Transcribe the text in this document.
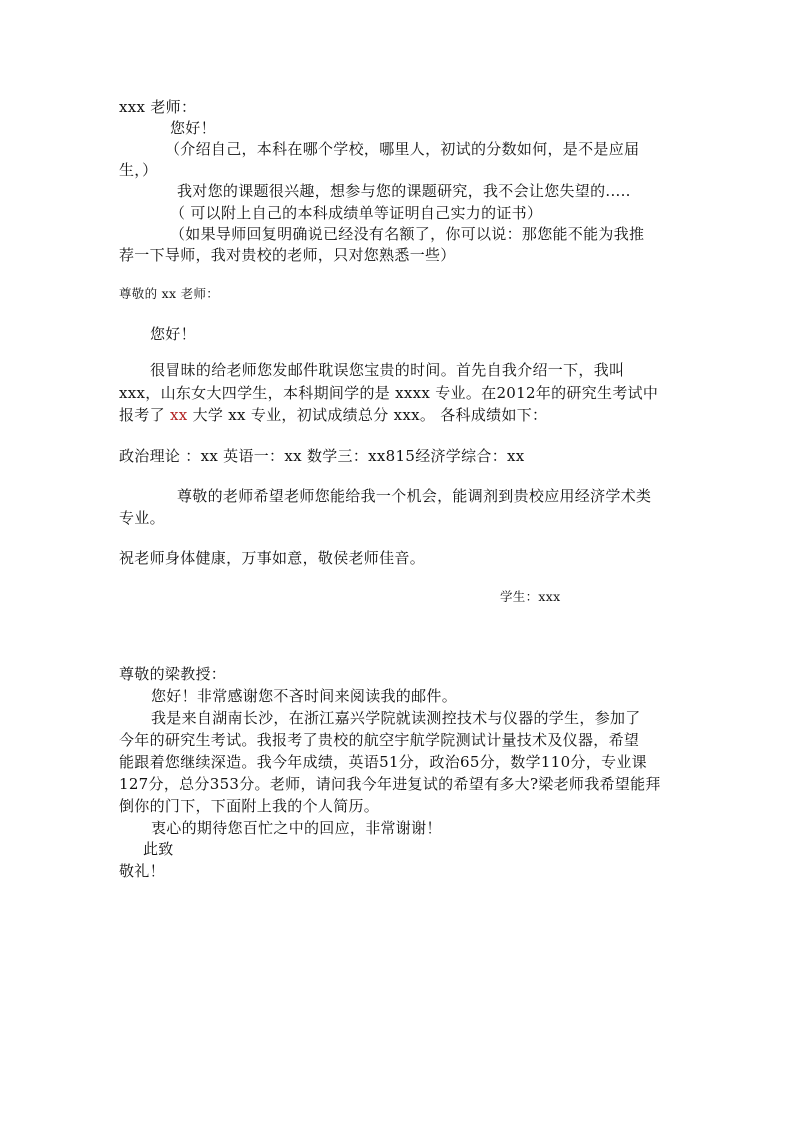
xxx 老师：
您好！
（介绍自己，本科在哪个学校，哪里人，初试的分数如何，是不是应届
生，）
我对您的课题很兴趣，想参与您的课题研究，我不会让您失望的.....
（ 可以附上自己的本科成绩单等证明自己实力的证书）
（如果导师回复明确说已经没有名额了，你可以说：那您能不能为我推
荐一下导师，我对贵校的老师，只对您熟悉一些）
尊敬的 xx 老师：
您好！
很冒昧的给老师您发邮件耽误您宝贵的时间。首先自我介绍一下，我叫
xxx，山东女大四学生，本科期间学的是 xxxx 专业。在2012年的研究生考试中
报考了 xx 大学 xx 专业，初试成绩总分 xxx。 各科成绩如下：
政治理论 ：xx 英语一：xx 数学三：xx815经济学综合：xx
尊敬的老师希望老师您能给我一个机会，能调剂到贵校应用经济学术类
专业。
祝老师身体健康，万事如意，敬侯老师佳音。
学生：xxx
尊敬的梁教授：
您好！非常感谢您不吝时间来阅读我的邮件。
我是来自湖南长沙，在浙江嘉兴学院就读测控技术与仪器的学生，参加了
今年的研究生考试。我报考了贵校的航空宇航学院测试计量技术及仪器，希望
能跟着您继续深造。我今年成绩，英语51分，政治65分，数学110分，专业课
127分，总分353分。老师，请问我今年进复试的希望有多大?梁老师我希望能拜
倒你的门下，下面附上我的个人简历。
衷心的期待您百忙之中的回应，非常谢谢！
此致
敬礼！
